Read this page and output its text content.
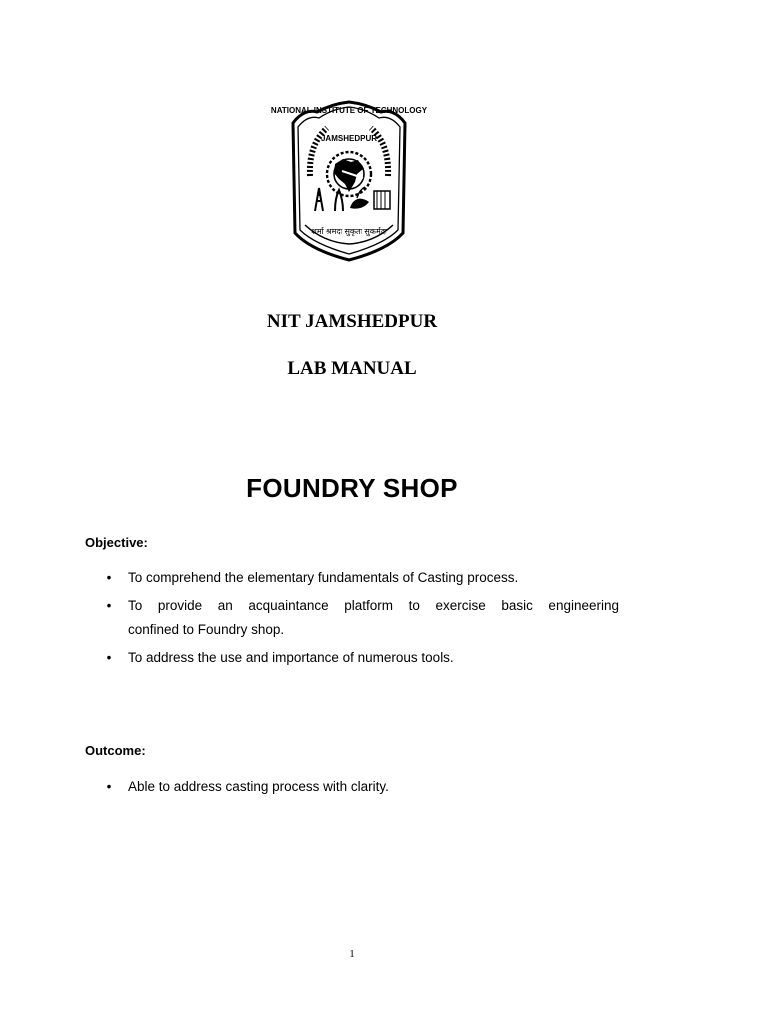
NATIONAL INSTITUTE OF TECHNOLOGY
JAMSHEDPUR
शर्मा श्रमदः सुकृतः सुकर्मदः
NIT JAMSHEDPUR
LAB MANUAL
FOUNDRY SHOP
Objective:
• To comprehend the elementary fundamentals of Casting process.
• To provide an acquaintance platform to exercise basic engineering
confined to Foundry shop.
• To address the use and importance of numerous tools.
Outcome:
• Able to address casting process with clarity.
1
